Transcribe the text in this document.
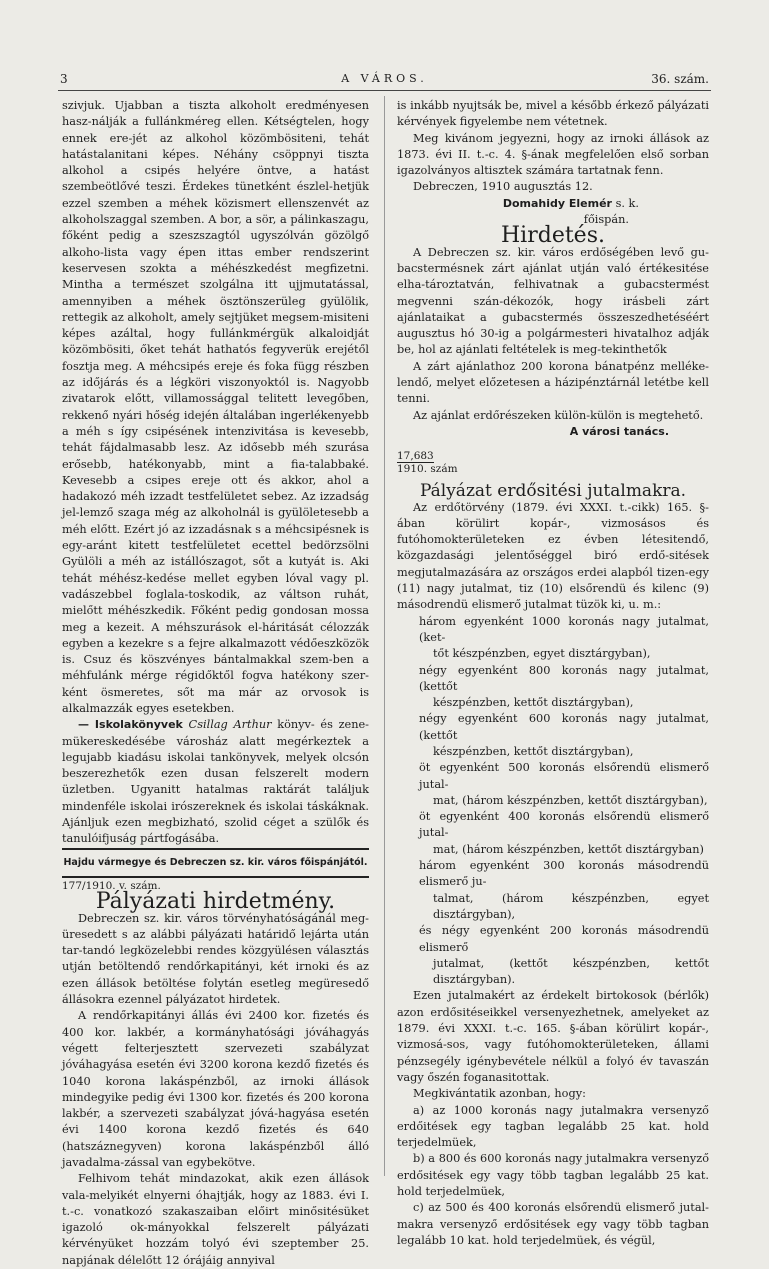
3	A VÁROS.	36. szám.

szivjuk. Ujabban a tiszta alkoholt eredményesen hasz-nálják a fullánkméreg ellen. Kétségtelen, hogy ennek ere-jét az alkohol közömbösiteni, tehát hatástalanitani képes. Néhány csöppnyi tiszta alkohol a csipés helyére öntve, a hatást szembeötlővé teszi. Érdekes tünetként észlel-hetjük ezzel szemben a méhek közismert ellenszenvét az alkoholszaggal szemben. A bor, a sör, a pálinkaszagu, főként pedig a szeszszagtól ugyszólván gözölgő alkoho-lista vagy épen ittas ember rendszerint keservesen szokta a méhészkedést megfizetni. Mintha a természet szolgálna itt ujjmutatással, amennyiben a méhek ösztönszerüleg gyülölik, rettegik az alkoholt, amely sejtjüket megsem-misiteni képes azáltal, hogy fullánkmérgük alkaloidját közömbösiti, őket tehát hathatós fegyverük erejétől fosztja meg. A méhcsipés ereje és foka függ részben az időjárás és a légköri viszonyoktól is. Nagyobb zivatarok előtt, villamossággal telitett levegőben, rekkenő nyári hőség idején általában ingerlékenyebb a méh s így csipésének intenzivitása is kevesebb, tehát fájdalmasabb lesz. Az idősebb méh szurása erősebb, hatékonyabb, mint a fia-talabbaké. Kevesebb a csipes ereje ott és akkor, ahol a hadakozó méh izzadt testfelületet sebez. Az izzadság jel-lemző szaga még az alkoholnál is gyülöletesebb a méh előtt. Ezért jó az izzadásnak s a méhcsipésnek is egy-aránt kitett testfelületet ecettel bedörzsölni Gyülöli a méh az istállószagot, sőt a kutyát is. Aki tehát méhész-kedése mellet egyben lóval vagy pl. vadászebbel foglala-toskodik, az váltson ruhát, mielőtt méhészkedik. Főként pedig gondosan mossa meg a kezeit. A méhszurások el-háritását célozzák egyben a kezekre s a fejre alkalmazott védőeszközök is. Csuz és köszvényes bántalmakkal szem-ben a méhfulánk mérge régidőktől fogva hatékony szer-ként ösmeretes, sőt ma már az orvosok is alkalmazzák egyes esetekben.

— Iskolakönyvek Csillag Arthur könyv- és zene-mükereskedésébe városház alatt megérkeztek a legujabb kiadásu iskolai tankönyvek, melyek olcsón beszerezhetők ezen dusan felszerelt modern üzletben. Ugyanitt hatalmas raktárát találjuk mindenféle iskolai irószereknek és iskolai táskáknak. Ajánljuk ezen megbizható, szolid céget a szülők és tanulóifjuság pártfogásába.

Hajdu vármegye és Debreczen sz. kir. város főispánjától.

177/1910. v. szám.

Pályázati hirdetmény.

Debreczen sz. kir. város törvényhatóságánál meg-üresedett s az alábbi pályázati határidő lejárta után tar-tandó legközelebbi rendes közgyülésen választás utján betöltendő rendőrkapitányi, két irnoki és az ezen állások betöltése folytán esetleg megüresedő állásokra ezennel pályázatot hirdetek.

A rendőrkapitányi állás évi 2400 kor. fizetés és 400 kor. lakbér, a kormányhatósági jóváhagyás végett felterjesztett szervezeti szabályzat jóváhagyása esetén évi 3200 korona kezdő fizetés és 1040 korona lakáspénzből, az irnoki állások mindegyike pedig évi 1300 kor. fizetés és 200 korona lakbér, a szervezeti szabályzat jóvá-hagyása esetén évi 1400 korona kezdő fizetés és 640 (hatszáznegyven) korona lakáspénzből álló javadalma-zással van egybekötve.

Felhivom tehát mindazokat, akik ezen állások vala-melyikét elnyerni óhajtják, hogy az 1883. évi I. t.-c. vonatkozó szakaszaiban előirt minősitésüket igazoló ok-mányokkal felszerelt pályázati kérvényüket hozzám tolyó évi szeptember 25. napjának délelőtt 12 órájáig annyival

is inkább nyujtsák be, mivel a később érkező pályázati kérvények figyelembe nem vétetnek.

Meg kivánom jegyezni, hogy az irnoki állások az 1873. évi II. t.-c. 4. §-ának megfelelően első sorban igazolványos altisztek számára tartatnak fenn.

Debreczen, 1910 augusztás 12.

Domahidy Elemér s. k.

főispán.

Hirdetés.

A Debreczen sz. kir. város erdőségében levő gu-bacstermésnek zárt ajánlat utján való értékesitése elha-tároztatván, felhivatnak a gubacstermést megvenni szán-dékozók, hogy irásbeli zárt ajánlataikat a gubacstermés összeszedhetéséért augusztus hó 30-ig a polgármesteri hivatalhoz adják be, hol az ajánlati feltételek is meg-tekinthetők

A zárt ajánlathoz 200 korona bánatpénz melléke-lendő, melyet előzetesen a házipénztárnál letétbe kell tenni.

Az ajánlat erdőrészeken külön-külön is megtehető.

A városi tanács.

17,683
1910. szám

Pályázat erdősitési jutalmakra.

Az erdőtörvény (1879. évi XXXI. t.-cikk) 165. §-ában körülirt kopár-, vizmosásos és futóhomokterületeken ez évben létesitendő, közgazdasági jelentőséggel biró erdő-sitések megjutalmazására az országos erdei alapból tizen-egy (11) nagy jutalmat, tiz (10) elsőrendü és kilenc (9) másodrendü elismerő jutalmat tüzök ki, u. m.:

három egyenként 1000 koronás nagy jutalmat, (ket-

tőt készpénzben, egyet disztárgyban),

négy egyenként 800 koronás nagy jutalmat, (kettőt

készpénzben, kettőt disztárgyban),

négy egyenként 600 koronás nagy jutalmat, (kettőt

készpénzben, kettőt disztárgyban),

öt egyenként 500 koronás elsőrendü elismerő jutal-

mat, (három készpénzben, kettőt disztárgyban),

öt egyenként 400 koronás elsőrendü elismerő jutal-

mat, (három készpénzben, kettőt disztárgyban)

három egyenként 300 koronás másodrendü elismerő ju-

talmat, (három készpénzben, egyet disztárgyban),

és négy egyenként 200 koronás másodrendü elismerő

jutalmat, (kettőt készpénzben, kettőt disztárgyban).

Ezen jutalmakért az érdekelt birtokosok (bérlők) azon erdősitéseikkel versenyezhetnek, amelyeket az 1879. évi XXXI. t.-c. 165. §-ában körülirt kopár-, vizmosá-sos, vagy futóhomokterületeken, állami pénzsegély igénybevétele nélkül a folyó év tavaszán vagy őszén foganasitottak.

Megkivántatik azonban, hogy:

a) az 1000 koronás nagy jutalmakra versenyző erdőitések egy tagban legalább 25 kat. hold terjedelmüek,

b) a 800 és 600 koronás nagy jutalmakra versenyző erdősitések egy vagy több tagban legalább 25 kat. hold terjedelmüek,

c) az 500 és 400 koronás elsőrendü elismerő jutal-makra versenyző erdősitések egy vagy több tagban legalább 10 kat. hold terjedelmüek, és végül,
